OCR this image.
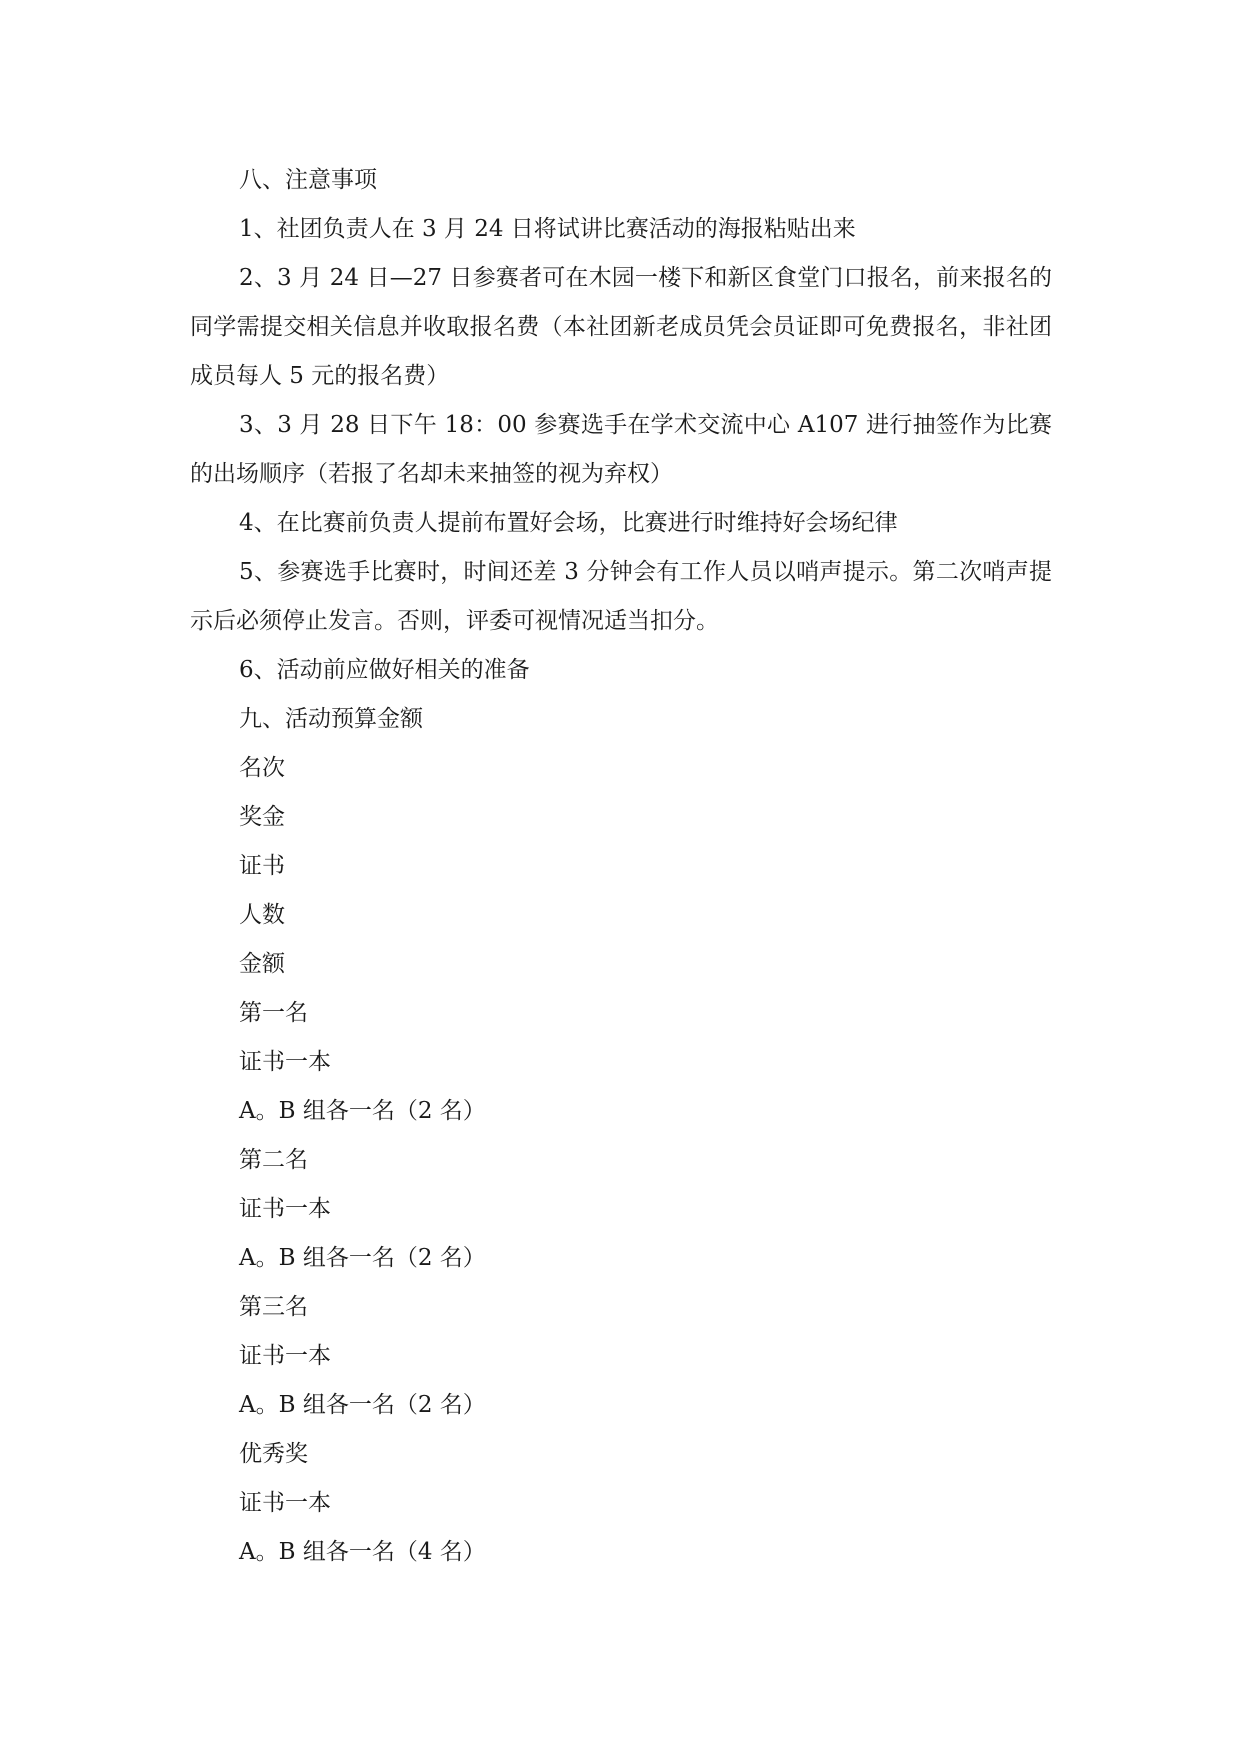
八、注意事项

1、社团负责人在 3 月 24 日将试讲比赛活动的海报粘贴出来

2、3 月 24 日—27 日参赛者可在木园一楼下和新区食堂门口报名，前来报名的同学需提交相关信息并收取报名费（本社团新老成员凭会员证即可免费报名，非社团成员每人 5 元的报名费）

3、3 月 28 日下午 18：00 参赛选手在学术交流中心 A107 进行抽签作为比赛的出场顺序（若报了名却未来抽签的视为弃权）

4、在比赛前负责人提前布置好会场，比赛进行时维持好会场纪律

5、参赛选手比赛时，时间还差 3 分钟会有工作人员以哨声提示。第二次哨声提示后必须停止发言。否则，评委可视情况适当扣分。

6、活动前应做好相关的准备

九、活动预算金额

名次

奖金

证书

人数

金额

第一名

证书一本

A。B 组各一名（2 名）

第二名

证书一本

A。B 组各一名（2 名）

第三名

证书一本

A。B 组各一名（2 名）

优秀奖

证书一本

A。B 组各一名（4 名）
